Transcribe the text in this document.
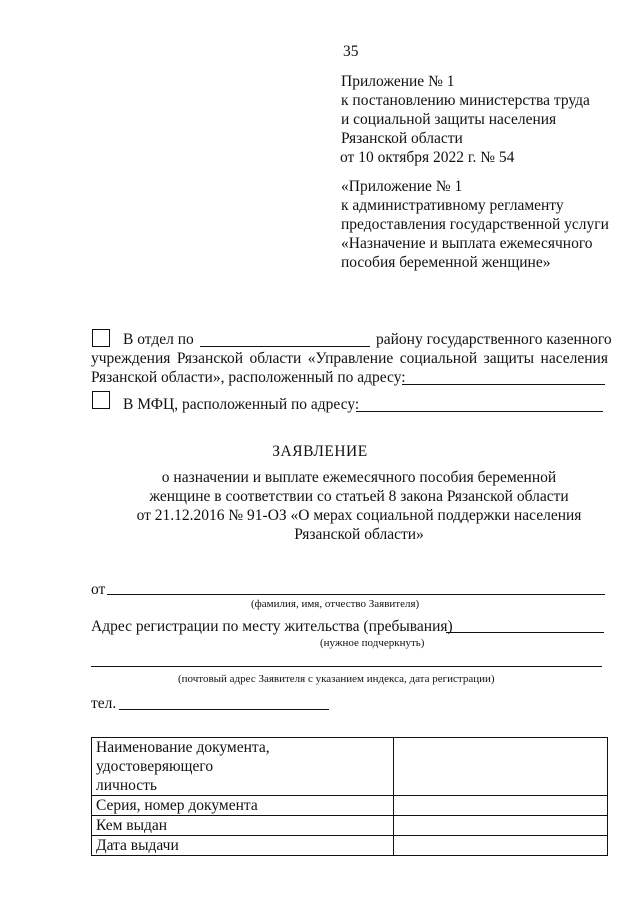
35
Приложение № 1
к постановлению министерства труда
и социальной защиты населения
Рязанской области
от 10 октября 2022 г. № 54
«Приложение № 1
к административному регламенту
предоставления государственной услуги
«Назначение и выплата ежемесячного
пособия беременной женщине»
В отдел по	району государственного казенного
учреждения Рязанской области «Управление социальной защиты населения
Рязанской области», расположенный по адресу:
В МФЦ, расположенный по адресу:
ЗАЯВЛЕНИЕ
о назначении и выплате ежемесячного пособия беременной
женщине в соответствии со статьей 8 закона Рязанской области
от 21.12.2016 № 91-ОЗ «О мерах социальной поддержки населения
Рязанской области»
от
(фамилия, имя, отчество Заявителя)
Адрес регистрации по месту жительства (пребывания)
(нужное подчеркнуть)
(почтовый адрес Заявителя с указанием индекса, дата регистрации)
тел.
Наименование документа, удостоверяющего
личность	

Серия, номер документа	
Кем выдан	
Дата выдачи	
